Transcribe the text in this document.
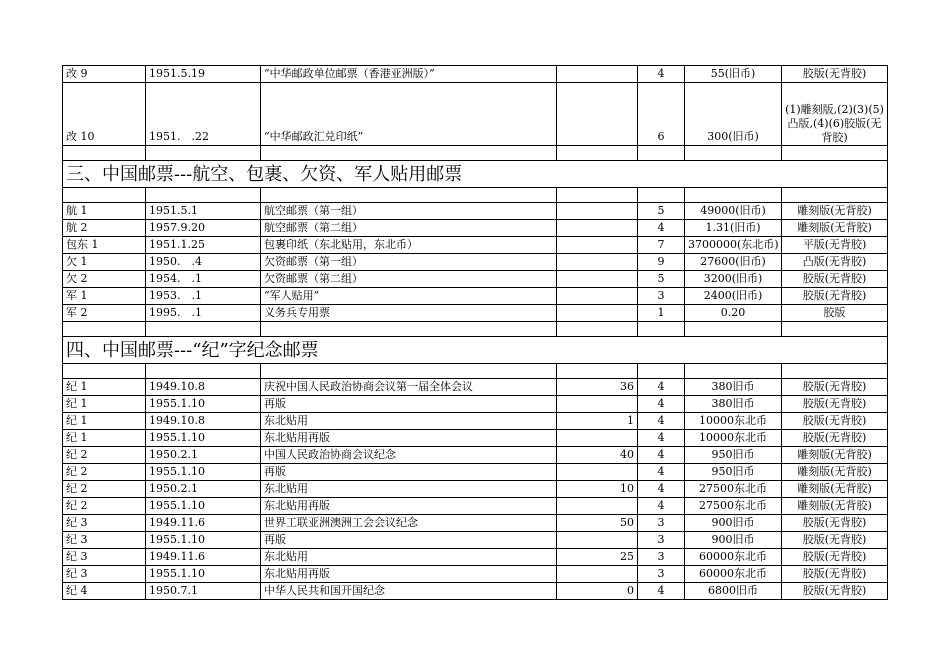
改 9	1951.5.19	“中华邮政单位邮票（香港亚洲版）”		4	55(旧币)	胶版(无背胶)
改 10	1951.　.22	“中华邮政汇兑印纸”		6	300(旧币)	(1)雕刻版,(2)(3)(5)凸版,(4)(6)胶版(无背胶)

三、中国邮票---航空、包裹、欠资、军人贴用邮票						

航 1	1951.5.1	航空邮票（第一组）		5	49000(旧币)	雕刻版(无背胶)
航 2	1957.9.20	航空邮票（第二组）		4	1.31(旧币)	雕刻版(无背胶)
包东 1	1951.1.25	包裹印纸（东北贴用，东北币）		7	3700000(东北币)	平版(无背胶)
欠 1	1950.　.4	欠资邮票（第一组）		9	27600(旧币)	凸版(无背胶)
欠 2	1954.　.1	欠资邮票（第二组）		5	3200(旧币)	胶版(无背胶)
军 1	1953.　.1	“军人贴用”		3	2400(旧币)	胶版(无背胶)
军 2	1995.　.1	义务兵专用票		1	0.20	胶版

四、中国邮票---“纪”字纪念邮票						

纪 1	1949.10.8	庆祝中国人民政治协商会议第一届全体会议	36	4	380旧币	胶版(无背胶)
纪 1	1955.1.10	再版		4	380旧币	胶版(无背胶)
纪 1	1949.10.8	东北贴用	1	4	10000东北币	胶版(无背胶)
纪 1	1955.1.10	东北贴用再版		4	10000东北币	胶版(无背胶)
纪 2	1950.2.1	中国人民政治协商会议纪念	40	4	950旧币	雕刻版(无背胶)
纪 2	1955.1.10	再版		4	950旧币	雕刻版(无背胶)
纪 2	1950.2.1	东北贴用	10	4	27500东北币	雕刻版(无背胶)
纪 2	1955.1.10	东北贴用再版		4	27500东北币	雕刻版(无背胶)
纪 3	1949.11.6	世界工联亚洲澳洲工会会议纪念	50	3	900旧币	胶版(无背胶)
纪 3	1955.1.10	再版		3	900旧币	胶版(无背胶)
纪 3	1949.11.6	东北贴用	25	3	60000东北币	胶版(无背胶)
纪 3	1955.1.10	东北贴用再版		3	60000东北币	胶版(无背胶)
纪 4	1950.7.1	中华人民共和国开国纪念	0	4	6800旧币	胶版(无背胶)
